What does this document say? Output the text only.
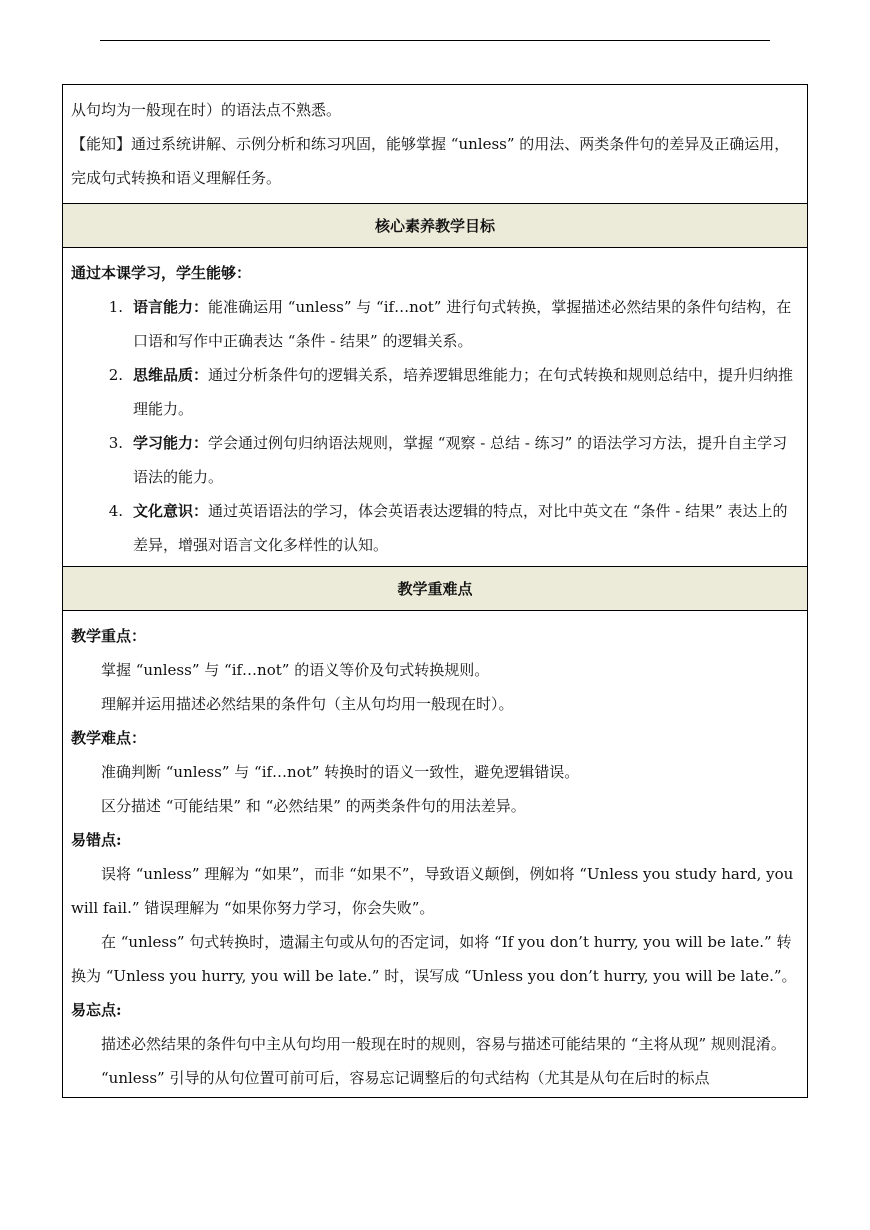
从句均为一般现在时）的语法点不熟悉。

【能知】通过系统讲解、示例分析和练习巩固，能够掌握 “unless” 的用法、两类条件句的差异及正确运用，完成句式转换和语义理解任务。

核心素养教学目标

通过本课学习，学生能够：

1. 语言能力：能准确运用 “unless” 与 “if…not” 进行句式转换，掌握描述必然结果的条件句结构，在口语和写作中正确表达 “条件 - 结果” 的逻辑关系。

2. 思维品质：通过分析条件句的逻辑关系，培养逻辑思维能力；在句式转换和规则总结中，提升归纳推理能力。

3. 学习能力：学会通过例句归纳语法规则，掌握 “观察 - 总结 - 练习” 的语法学习方法，提升自主学习语法的能力。

4. 文化意识：通过英语语法的学习，体会英语表达逻辑的特点，对比中英文在 “条件 - 结果” 表达上的差异，增强对语言文化多样性的认知。

教学重难点

教学重点：

掌握 “unless” 与 “if…not” 的语义等价及句式转换规则。

理解并运用描述必然结果的条件句（主从句均用一般现在时）。

教学难点：

准确判断 “unless” 与 “if…not” 转换时的语义一致性，避免逻辑错误。

区分描述 “可能结果” 和 “必然结果” 的两类条件句的用法差异。

易错点:

误将 “unless” 理解为 “如果”，而非 “如果不”，导致语义颠倒，例如将 “Unless you study hard, you will fail.” 错误理解为 “如果你努力学习，你会失败”。

在 “unless” 句式转换时，遗漏主句或从句的否定词，如将 “If you don’t hurry, you will be late.” 转换为 “Unless you hurry, you will be late.” 时，误写成 “Unless you don’t hurry, you will be late.”。

易忘点:

描述必然结果的条件句中主从句均用一般现在时的规则，容易与描述可能结果的 “主将从现” 规则混淆。

“unless” 引导的从句位置可前可后，容易忘记调整后的句式结构（尤其是从句在后时的标点
